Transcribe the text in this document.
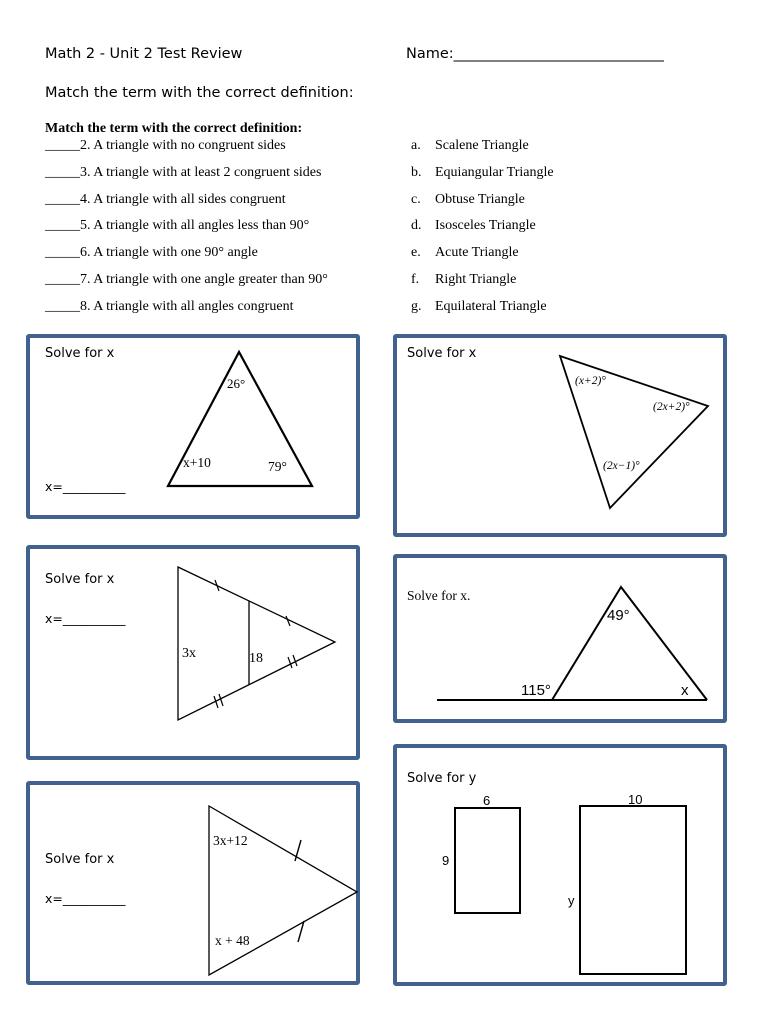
Math 2 - Unit 2 Test Review	Name:_____________________________
Match the term with the correct definition:
Match the term with the correct definition:
_____2. A triangle with no congruent sides
_____3. A triangle with at least 2 congruent sides
_____4. A triangle with all sides congruent
_____5. A triangle with all angles less than 90°
_____6. A triangle with one 90° angle
_____7. A triangle with one angle greater than 90°
_____8. A triangle with all angles congruent
a. Scalene Triangle
b. Equiangular Triangle
c. Obtuse Triangle
d. Isosceles Triangle
e. Acute Triangle
f. Right Triangle
g. Equilateral Triangle
Solve for x
x=__________
26°
x+10	79°
Solve for x
(x+2)°
(2x+2)°
(2x−1)°
Solve for x
x=__________
3x	18
Solve for x.
49°
115°	x
Solve for x
x=__________
3x+12
x + 48
Solve for y
6
9
10
y
